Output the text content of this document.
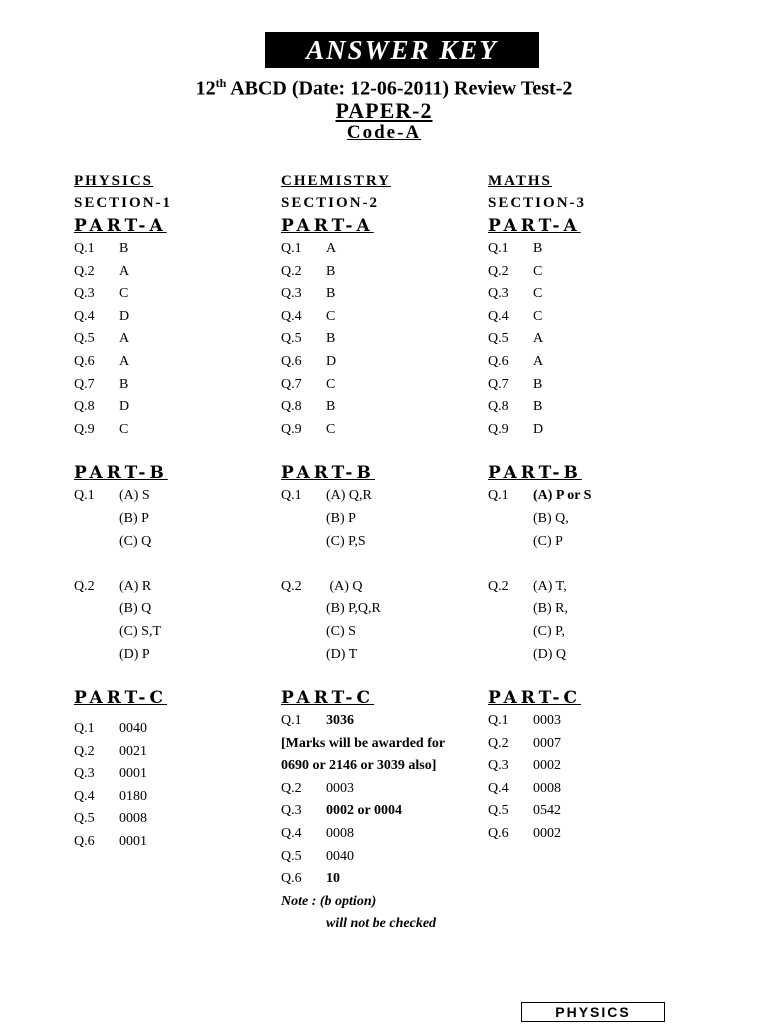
ANSWER KEY
12th ABCD (Date: 12-06-2011) Review Test-2
PAPER-2
Code-A
PHYSICS
SECTION-1
PART-A
Q.1 B
Q.2 A
Q.3 C
Q.4 D
Q.5 A
Q.6 A
Q.7 B
Q.8 D
Q.9 C
PART-B
Q.1 (A) S
(B) P
(C) Q
Q.2 (A) R
(B) Q
(C) S,T
(D) P
PART-C
Q.1 0040
Q.2 0021
Q.3 0001
Q.4 0180
Q.5 0008
Q.6 0001
CHEMISTRY
SECTION-2
PART-A
Q.1 A
Q.2 B
Q.3 B
Q.4 C
Q.5 B
Q.6 D
Q.7 C
Q.8 B
Q.9 C
PART-B
Q.1 (A) Q,R
(B) P
(C) P,S
Q.2 (A) Q
(B) P,Q,R
(C) S
(D) T
PART-C
Q.1 3036
[Marks will be awarded for
0690 or 2146 or 3039 also]
Q.2 0003
Q.3 0002 or 0004
Q.4 0008
Q.5 0040
Q.6 10
Note : (b option)
will not be checked
MATHS
SECTION-3
PART-A
Q.1 B
Q.2 C
Q.3 C
Q.4 C
Q.5 A
Q.6 A
Q.7 B
Q.8 B
Q.9 D
PART-B
Q.1 (A) P or S
(B) Q,
(C) P
Q.2 (A) T,
(B) R,
(C) P,
(D) Q
PART-C
Q.1 0003
Q.2 0007
Q.3 0002
Q.4 0008
Q.5 0542
Q.6 0002
PHYSICS
